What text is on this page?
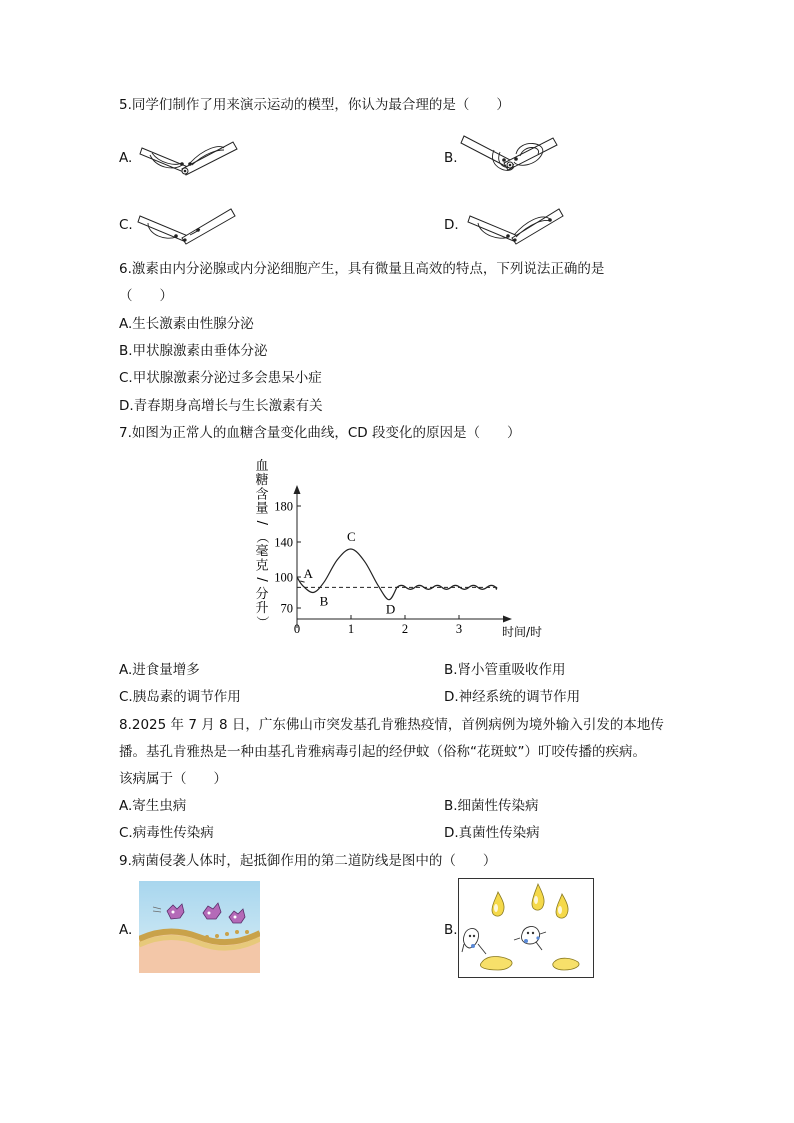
5.同学们制作了用来演示运动的模型，你认为最合理的是（　　）
A.	B.
C.	D.
6.激素由内分泌腺或内分泌细胞产生，具有微量且高效的特点，下列说法正确的是
（　　）
A.生长激素由性腺分泌
B.甲状腺激素由垂体分泌
C.甲状腺激素分泌过多会患呆小症
D.青春期身高增长与生长激素有关
7.如图为正常人的血糖含量变化曲线，CD 段变化的原因是（　　）
血
糖
含
量
/
（
毫
克
/
分
升
）
70
100
140
180
0	1	2	3
A
B
C
D
时间/时
A.进食量增多	B.肾小管重吸收作用
C.胰岛素的调节作用	D.神经系统的调节作用
8.2025 年 7 月 8 日，广东佛山市突发基孔肯雅热疫情，首例病例为境外输入引发的本地传
播。基孔肯雅热是一种由基孔肯雅病毒引起的经伊蚊（俗称“花斑蚊”）叮咬传播的疾病。
该病属于（　　）
A.寄生虫病	B.细菌性传染病
C.病毒性传染病	D.真菌性传染病
9.病菌侵袭人体时，起抵御作用的第二道防线是图中的（　　）
A.	B.
